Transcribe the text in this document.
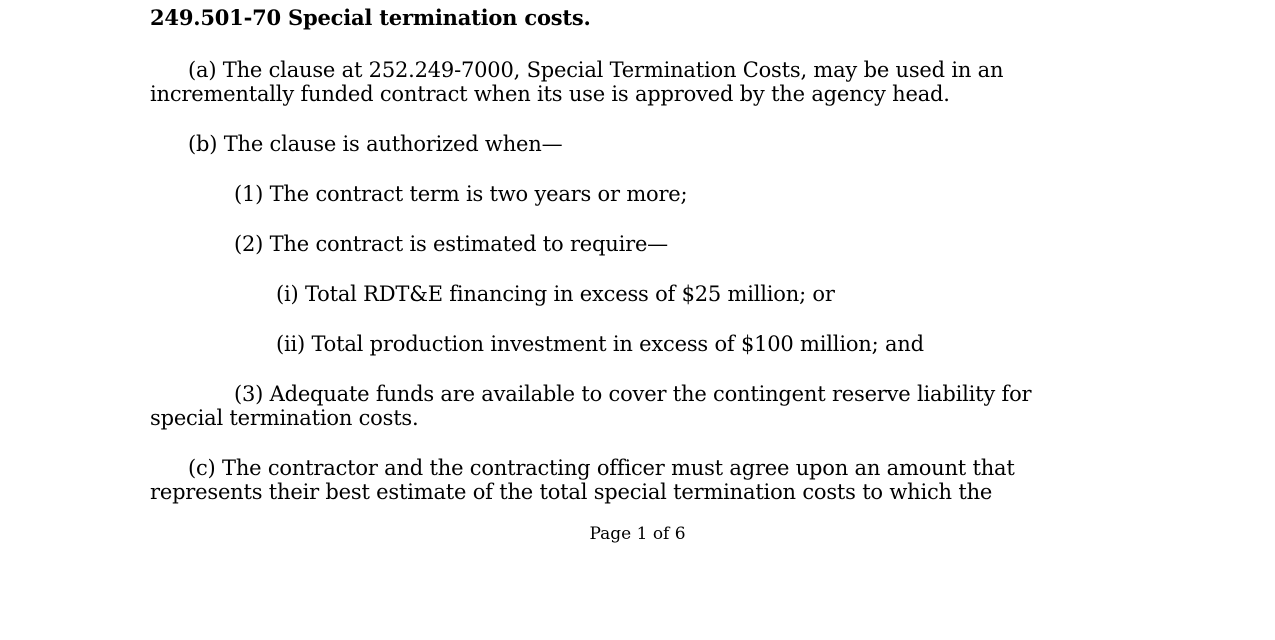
249.501-70 Special termination costs.
(a) The clause at 252.249-7000, Special Termination Costs, may be used in an
incrementally funded contract when its use is approved by the agency head.
(b) The clause is authorized when—
(1) The contract term is two years or more;
(2) The contract is estimated to require—
(i) Total RDT&E financing in excess of $25 million; or
(ii) Total production investment in excess of $100 million; and
(3) Adequate funds are available to cover the contingent reserve liability for
special termination costs.
(c) The contractor and the contracting officer must agree upon an amount that
represents their best estimate of the total special termination costs to which the
Page 1 of 6
